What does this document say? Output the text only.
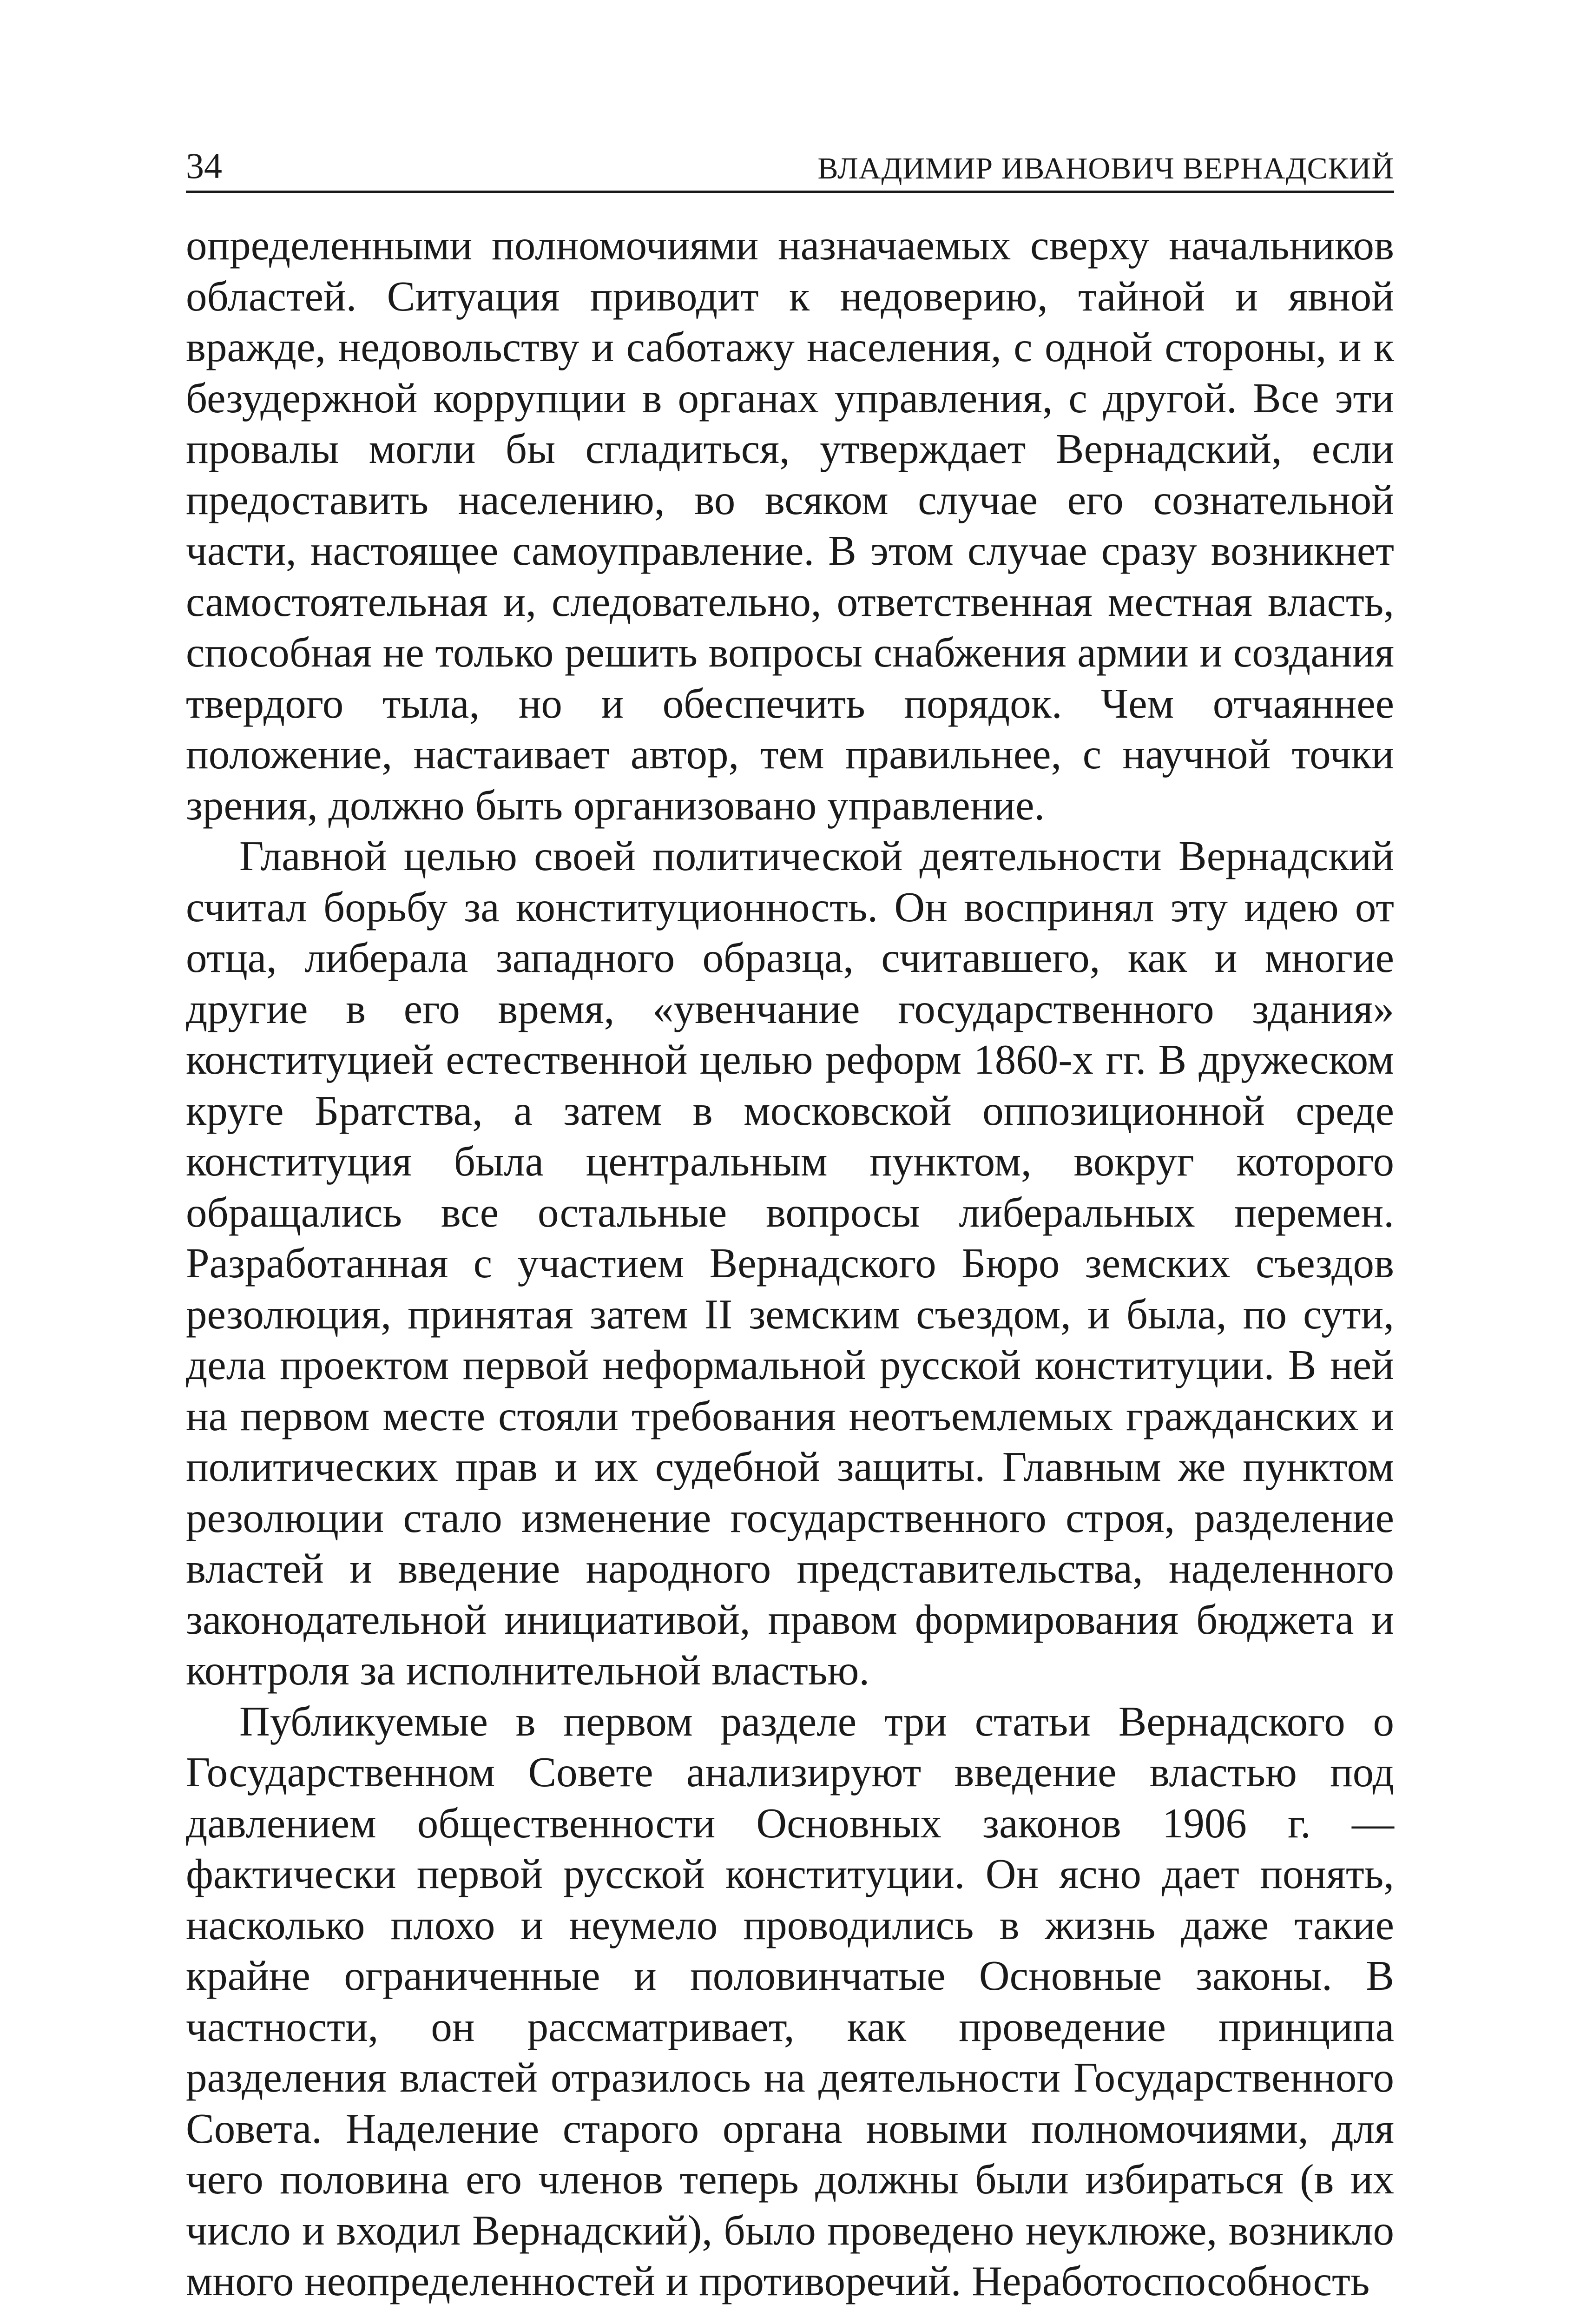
34	ВЛАДИМИР ИВАНОВИЧ ВЕРНАДСКИЙ

определенными полномочиями назначаемых сверху начальников областей. Ситуация приводит к недоверию, тайной и явной вражде, недовольству и саботажу населения, с одной стороны, и к безудержной коррупции в органах управления, с другой. Все эти провалы могли бы сгладиться, утверждает Вернадский, если предоставить населению, во всяком случае его сознательной части, настоящее самоуправление. В этом случае сразу возникнет самостоятельная и, следовательно, ответственная местная власть, способная не только решить вопросы снабжения армии и создания твердого тыла, но и обеспечить порядок. Чем отчаяннее положение, настаивает автор, тем правильнее, с научной точки зрения, должно быть организовано управление.

Главной целью своей политической деятельности Вернадский считал борьбу за конституционность. Он воспринял эту идею от отца, либерала западного образца, считавшего, как и многие другие в его время, «увенчание государственного здания» конституцией естественной целью реформ 1860-х гг. В дружеском круге Братства, а затем в московской оппозиционной среде конституция была центральным пунктом, вокруг которого обращались все остальные вопросы либеральных перемен. Разработанная с участием Вернадского Бюро земских съездов резолюция, принятая затем II земским съездом, и была, по сути, дела проектом первой неформальной русской конституции. В ней на первом месте стояли требования неотъемлемых гражданских и политических прав и их судебной защиты. Главным же пунктом резолюции стало изменение государственного строя, разделение властей и введение народного представительства, наделенного законодательной инициативой, правом формирования бюджета и контроля за исполнительной властью.

Публикуемые в первом разделе три статьи Вернадского о Государственном Совете анализируют введение властью под давлением общественности Основных законов 1906 г. — фактически первой русской конституции. Он ясно дает понять, насколько плохо и неумело проводились в жизнь даже такие крайне ограниченные и половинчатые Основные законы. В частности, он рассматривает, как проведение принципа разделения властей отразилось на деятельности Государственного Совета. Наделение старого органа новыми полномочиями, для чего половина его членов теперь должны были избираться (в их число и входил Вернадский), было проведено неуклюже, возникло много неопределенностей и противоречий. Неработоспособность
